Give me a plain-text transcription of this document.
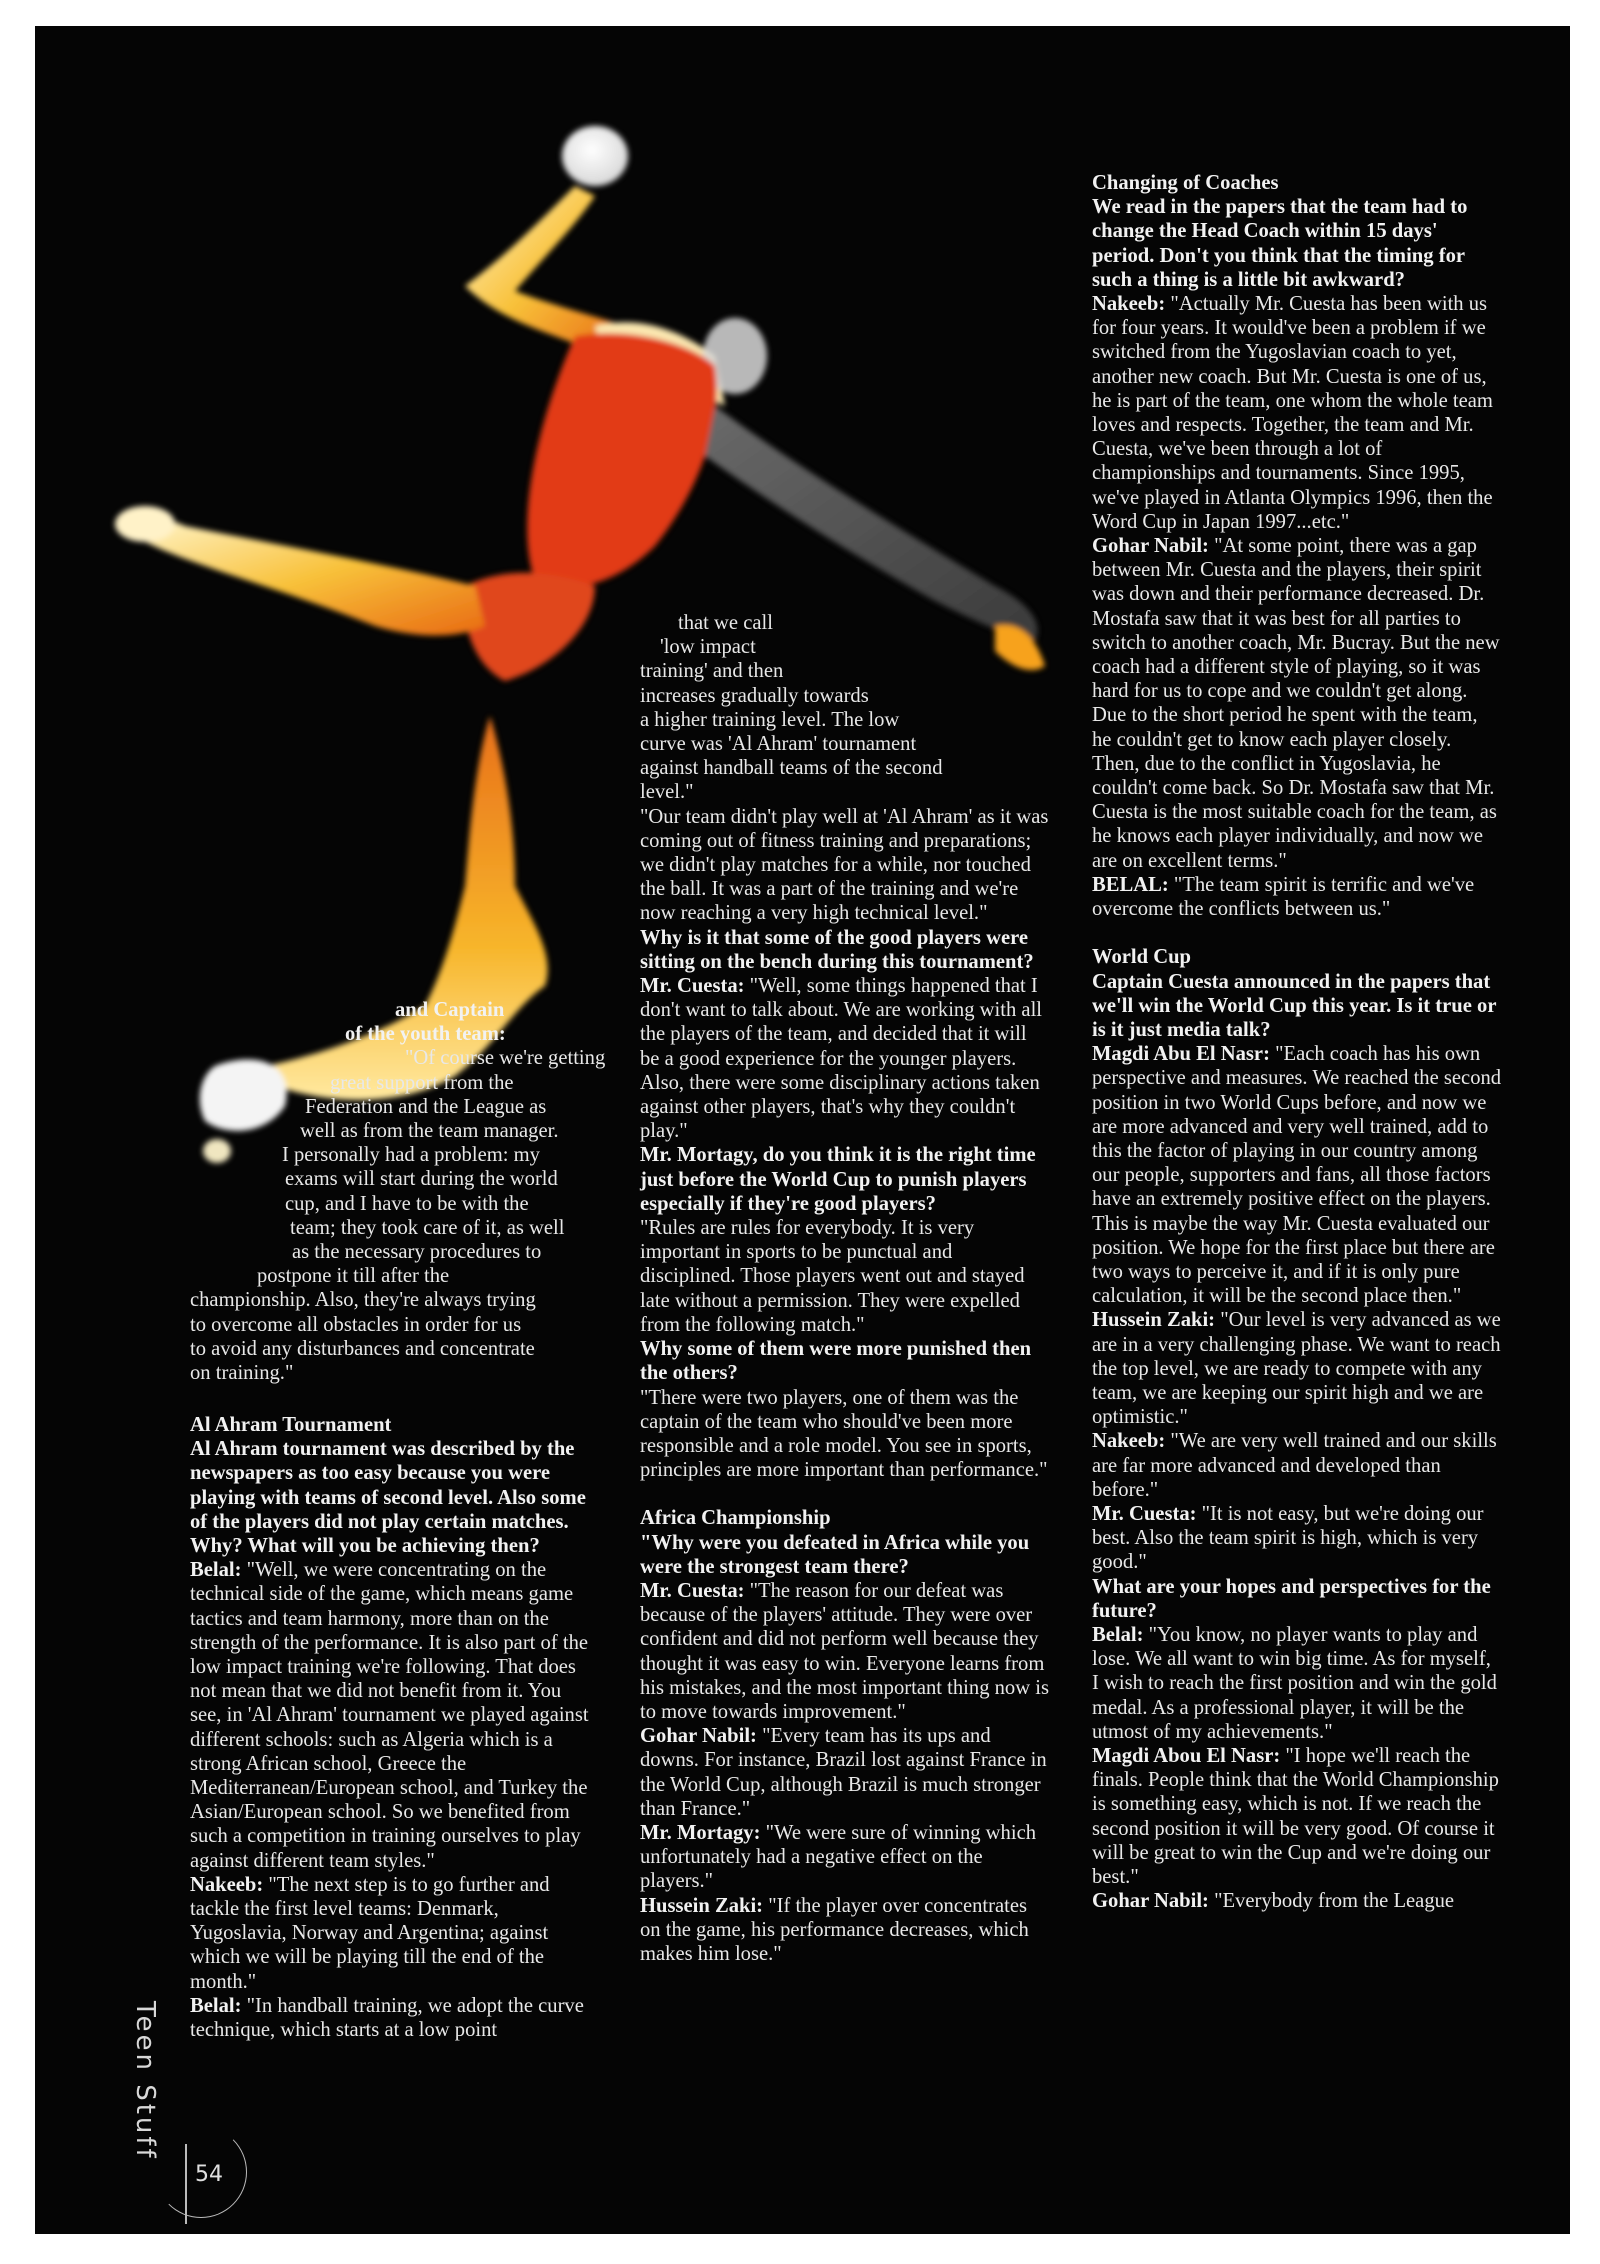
and Captain
of the youth team:
"Of course we're getting
great support from the
Federation and the League as
well as from the team manager.
I personally had a problem: my
exams will start during the world
cup, and I have to be with the
team; they took care of it, as well
as the necessary procedures to
postpone it till after the
championship. Also, they're always trying
to overcome all obstacles in order for us
to avoid any disturbances and concentrate
on training."

Al Ahram Tournament

Al Ahram tournament was described by the newspapers as too easy because you were playing with teams of second level. Also some of the players did not play certain matches. Why? What will you be achieving then?

Belal: "Well, we were concentrating on the technical side of the game, which means game tactics and team harmony, more than on the strength of the performance. It is also part of the low impact training we're following. That does not mean that we did not benefit from it. You see, in 'Al Ahram' tournament we played against different schools: such as Algeria which is a strong African school, Greece the Mediterranean/European school, and Turkey the Asian/European school. So we benefited from such a competition in training ourselves to play against different team styles."

Nakeeb: "The next step is to go further and tackle the first level teams: Denmark, Yugoslavia, Norway and Argentina; against which we will be playing till the end of the month."

Belal: "In handball training, we adopt the curve technique, which starts at a low point

that we call

'low impact

training' and then

increases gradually towards

a higher training level. The low

curve was 'Al Ahram' tournament

against handball teams of the second

level."

"Our team didn't play well at 'Al Ahram' as it was coming out of fitness training and preparations; we didn't play matches for a while, nor touched the ball. It was a part of the training and we're now reaching a very high technical level."

Why is it that some of the good players were sitting on the bench during this tournament?

Mr. Cuesta: "Well, some things happened that I don't want to talk about. We are working with all the players of the team, and decided that it will be a good experience for the younger players. Also, there were some disciplinary actions taken against other players, that's why they couldn't play."

Mr. Mortagy, do you think it is the right time just before the World Cup to punish players especially if they're good players?

"Rules are rules for everybody. It is very important in sports to be punctual and disciplined. Those players went out and stayed late without a permission. They were expelled from the following match."

Why some of them were more punished then the others?

"There were two players, one of them was the captain of the team who should've been more responsible and a role model. You see in sports, principles are more important than performance."

Africa Championship

"Why were you defeated in Africa while you were the strongest team there?

Mr. Cuesta: "The reason for our defeat was because of the players' attitude. They were over confident and did not perform well because they thought it was easy to win. Everyone learns from his mistakes, and the most important thing now is to move towards improvement."

Gohar Nabil: "Every team has its ups and downs. For instance, Brazil lost against France in the World Cup, although Brazil is much stronger than France."

Mr. Mortagy: "We were sure of winning which unfortunately had a negative effect on the players."

Hussein Zaki: "If the player over concentrates on the game, his performance decreases, which makes him lose."

Changing of Coaches

We read in the papers that the team had to change the Head Coach within 15 days' period. Don't you think that the timing for such a thing is a little bit awkward?

Nakeeb: "Actually Mr. Cuesta has been with us for four years. It would've been a problem if we switched from the Yugoslavian coach to yet, another new coach. But Mr. Cuesta is one of us, he is part of the team, one whom the whole team loves and respects. Together, the team and Mr. Cuesta, we've been through a lot of championships and tournaments. Since 1995, we've played in Atlanta Olympics 1996, then the Word Cup in Japan 1997...etc."

Gohar Nabil: "At some point, there was a gap between Mr. Cuesta and the players, their spirit was down and their performance decreased. Dr. Mostafa saw that it was best for all parties to switch to another coach, Mr. Bucray. But the new coach had a different style of playing, so it was hard for us to cope and we couldn't get along. Due to the short period he spent with the team, he couldn't get to know each player closely. Then, due to the conflict in Yugoslavia, he couldn't come back. So Dr. Mostafa saw that Mr. Cuesta is the most suitable coach for the team, as he knows each player individually, and now we are on excellent terms."

BELAL: "The team spirit is terrific and we've overcome the conflicts between us."

World Cup

Captain Cuesta announced in the papers that we'll win the World Cup this year. Is it true or is it just media talk?

Magdi Abu El Nasr: "Each coach has his own perspective and measures. We reached the second position in two World Cups before, and now we are more advanced and very well trained, add to this the factor of playing in our country among our people, supporters and fans, all those factors have an extremely positive effect on the players. This is maybe the way Mr. Cuesta evaluated our position. We hope for the first place but there are two ways to perceive it, and if it is only pure calculation, it will be the second place then."

Hussein Zaki: "Our level is very advanced as we are in a very challenging phase. We want to reach the top level, we are ready to compete with any team, we are keeping our spirit high and we are optimistic."

Nakeeb: "We are very well trained and our skills are far more advanced and developed than before."

Mr. Cuesta: "It is not easy, but we're doing our best. Also the team spirit is high, which is very good."

What are your hopes and perspectives for the future?

Belal: "You know, no player wants to play and lose. We all want to win big time. As for myself, I wish to reach the first position and win the gold medal. As a professional player, it will be the utmost of my achievements."

Magdi Abou El Nasr: "I hope we'll reach the finals. People think that the World Championship is something easy, which is not. If we reach the second position it will be very good. Of course it will be great to win the Cup and we're doing our best."

Gohar Nabil: "Everybody from the League

Teen Stuff
54
